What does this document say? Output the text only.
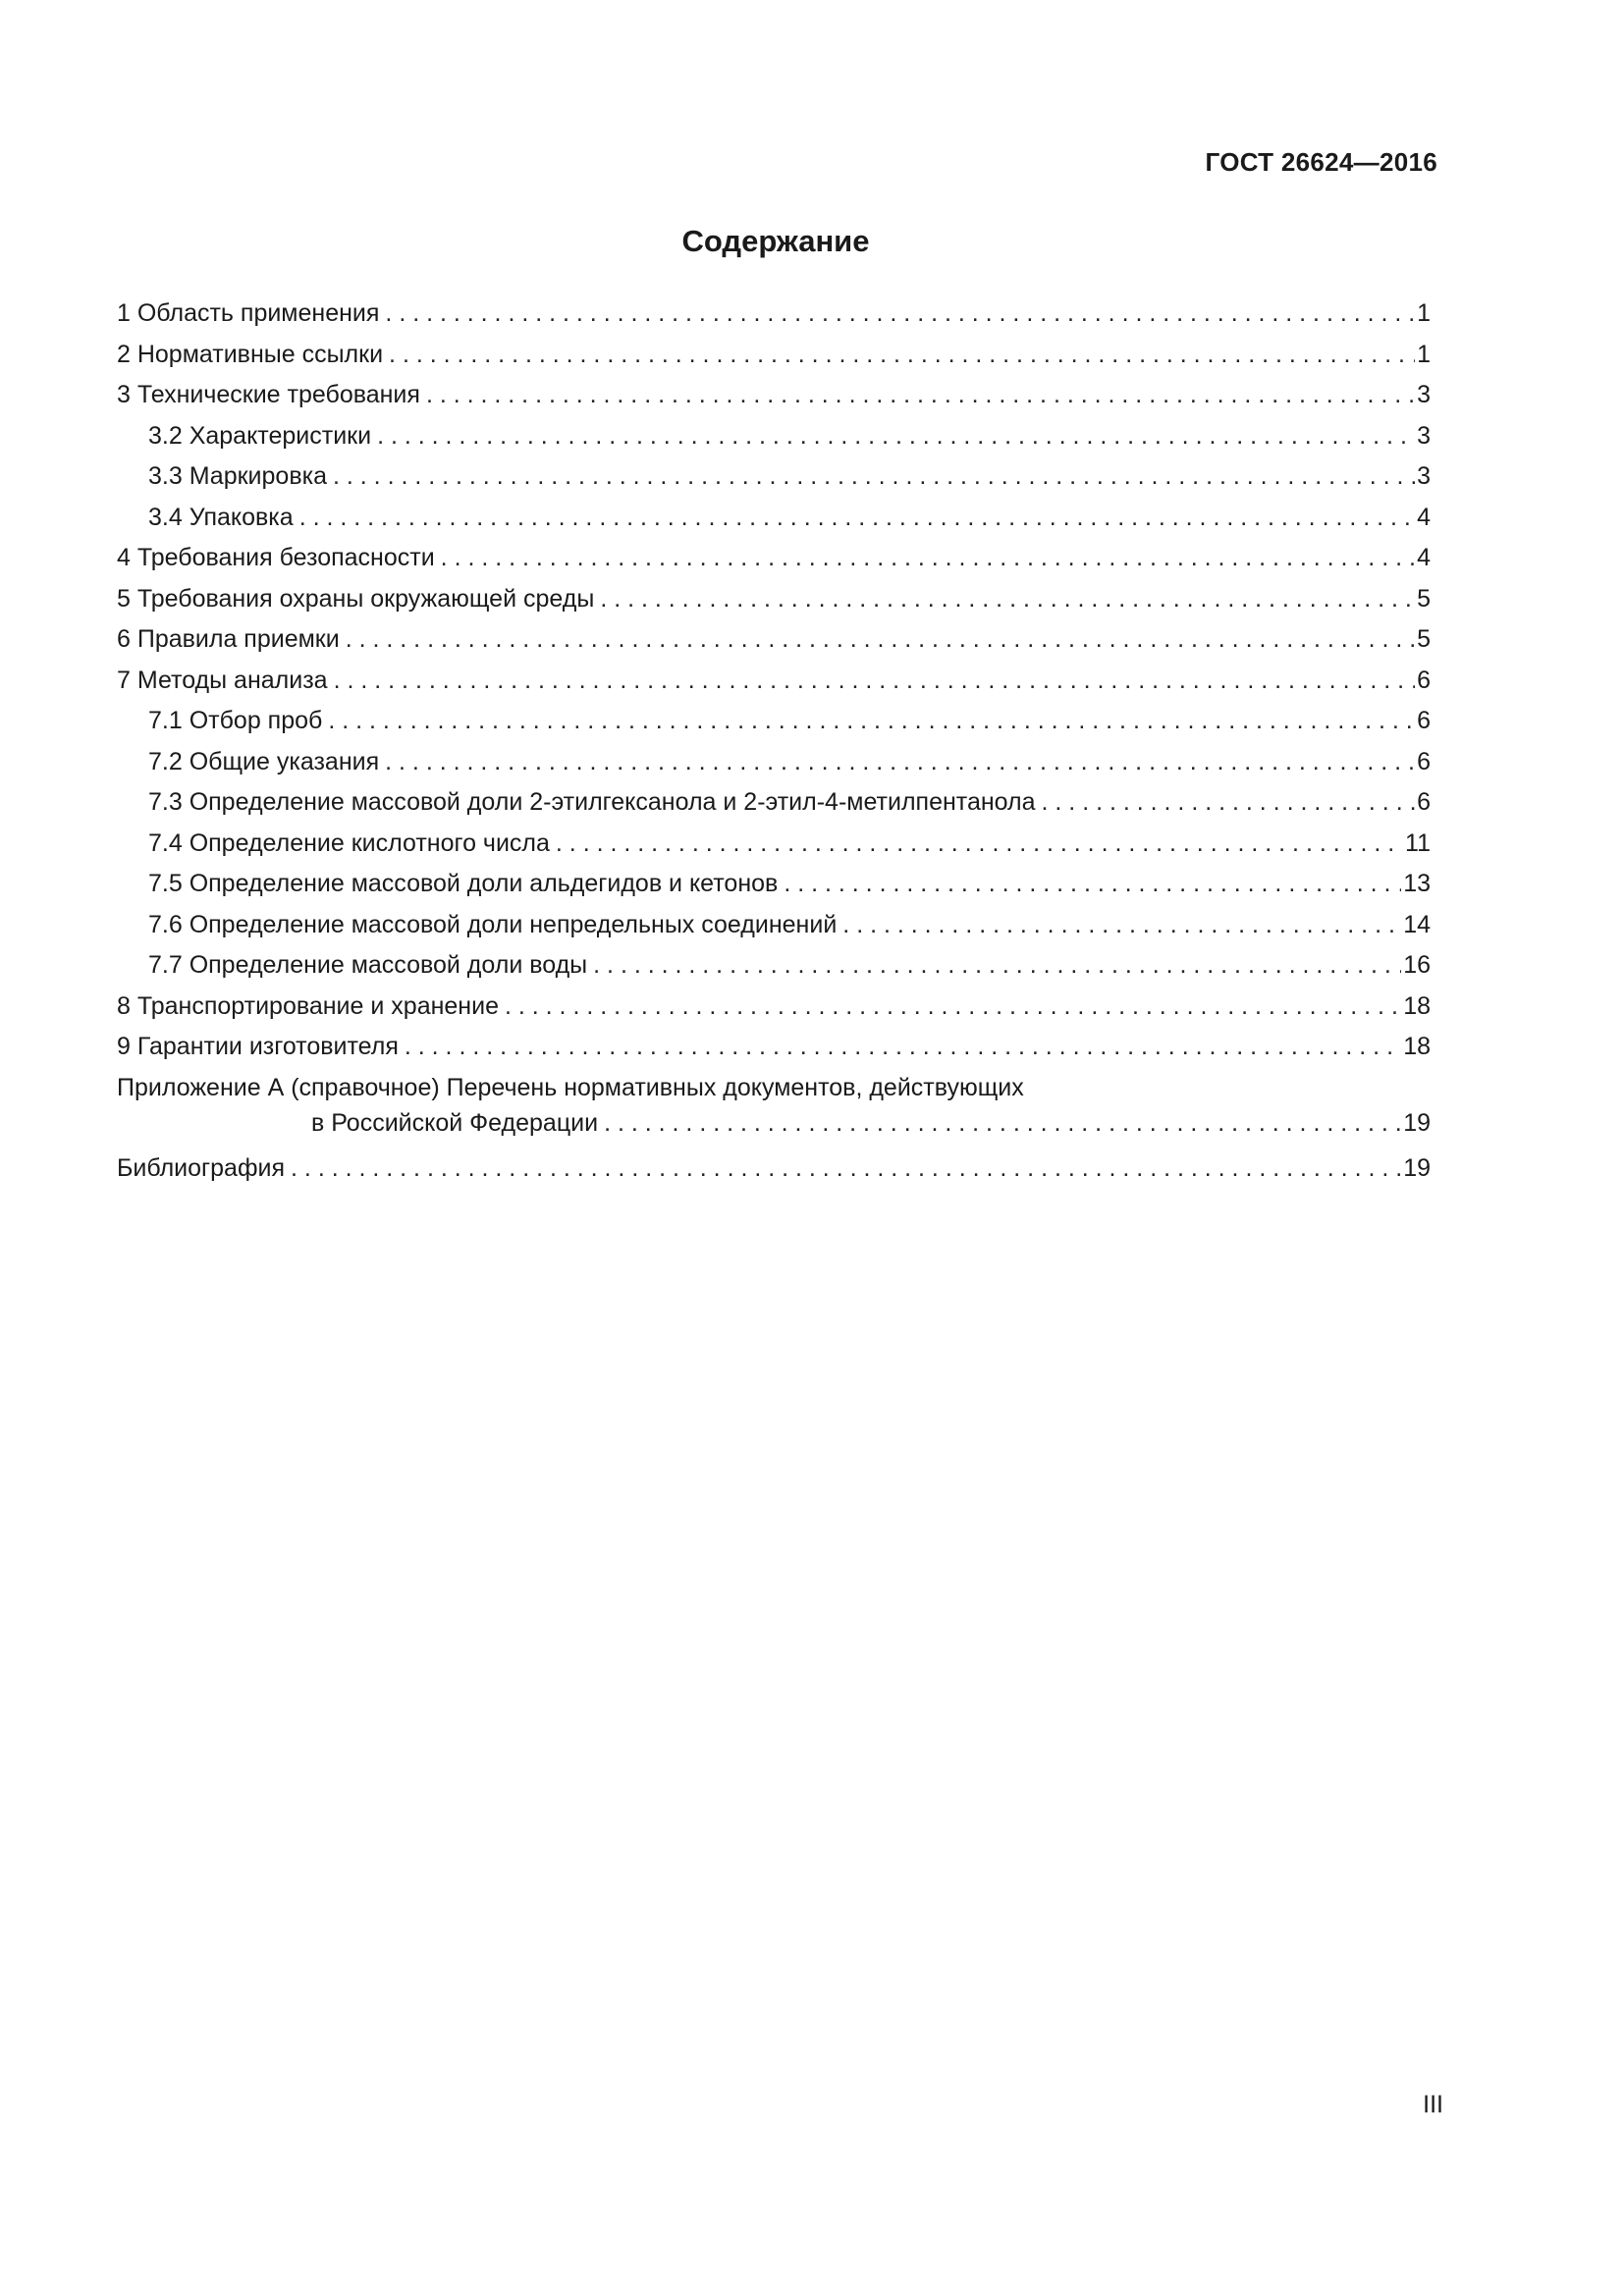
ГОСТ 26624—2016
Содержание
1 Область применения . . .	1
2 Нормативные ссылки . . .	1
3 Технические требования . . .	3
3.2 Характеристики . . .	3
3.3 Маркировка . . .	3
3.4 Упаковка . . .	4
4 Требования безопасности . . .	4
5 Требования охраны окружающей среды . . .	5
6 Правила приемки . . .	5
7 Методы анализа . . .	6
7.1 Отбор проб . . .	6
7.2 Общие указания . . .	6
7.3 Определение массовой доли 2-этилгексанола и 2-этил-4-метилпентанола . . .	6
7.4 Определение кислотного числа . . .	11
7.5 Определение массовой доли альдегидов и кетонов . . .	13
7.6 Определение массовой доли непредельных соединений . . .	14
7.7 Определение массовой доли воды . . .	16
8 Транспортирование и хранение . . .	18
9 Гарантии изготовителя . . .	18
Приложение А (справочное) Перечень нормативных документов, действующих
в Российской Федерации . . .	19
Библиография . . .	19
III
